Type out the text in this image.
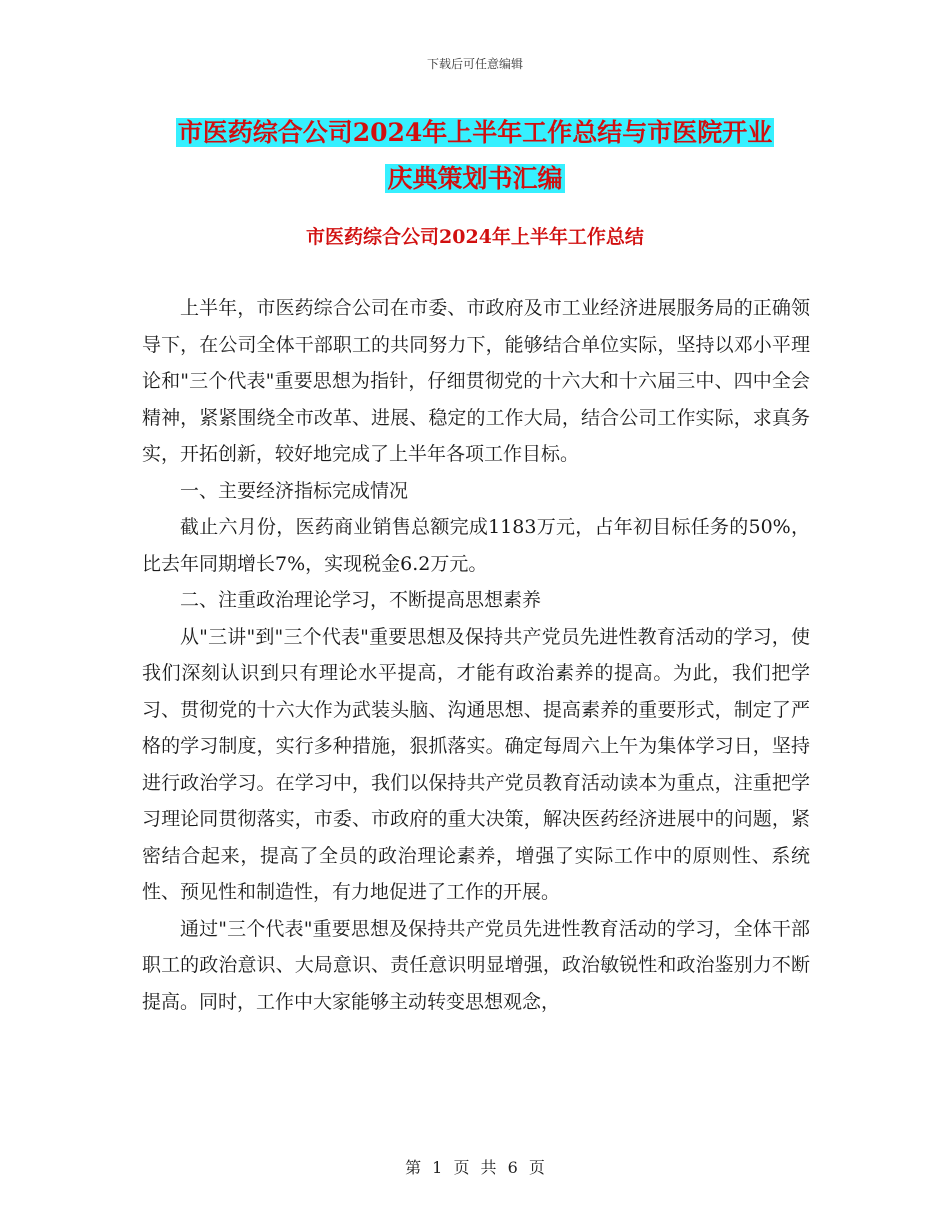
下载后可任意编辑
市医药综合公司2024年上半年工作总结与市医院开业
庆典策划书汇编
市医药综合公司2024年上半年工作总结

上半年，市医药综合公司在市委、市政府及市工业经济进展服务局的正确领导下，在公司全体干部职工的共同努力下，能够结合单位实际，坚持以邓小平理论和"三个代表"重要思想为指针，仔细贯彻党的十六大和十六届三中、四中全会精神，紧紧围绕全市改革、进展、稳定的工作大局，结合公司工作实际，求真务实，开拓创新，较好地完成了上半年各项工作目标。

一、主要经济指标完成情况

截止六月份，医药商业销售总额完成1183万元，占年初目标任务的50%，比去年同期增长7%，实现税金6.2万元。

二、注重政治理论学习，不断提高思想素养

从"三讲"到"三个代表"重要思想及保持共产党员先进性教育活动的学习，使我们深刻认识到只有理论水平提高，才能有政治素养的提高。为此，我们把学习、贯彻党的十六大作为武装头脑、沟通思想、提高素养的重要形式，制定了严格的学习制度，实行多种措施，狠抓落实。确定每周六上午为集体学习日，坚持进行政治学习。在学习中，我们以保持共产党员教育活动读本为重点，注重把学习理论同贯彻落实，市委、市政府的重大决策，解决医药经济进展中的问题，紧密结合起来，提高了全员的政治理论素养，增强了实际工作中的原则性、系统性、预见性和制造性，有力地促进了工作的开展。

通过"三个代表"重要思想及保持共产党员先进性教育活动的学习，全体干部职工的政治意识、大局意识、责任意识明显增强，政治敏锐性和政治鉴别力不断提高。同时，工作中大家能够主动转变思想观念，

第 1 页 共 6 页
